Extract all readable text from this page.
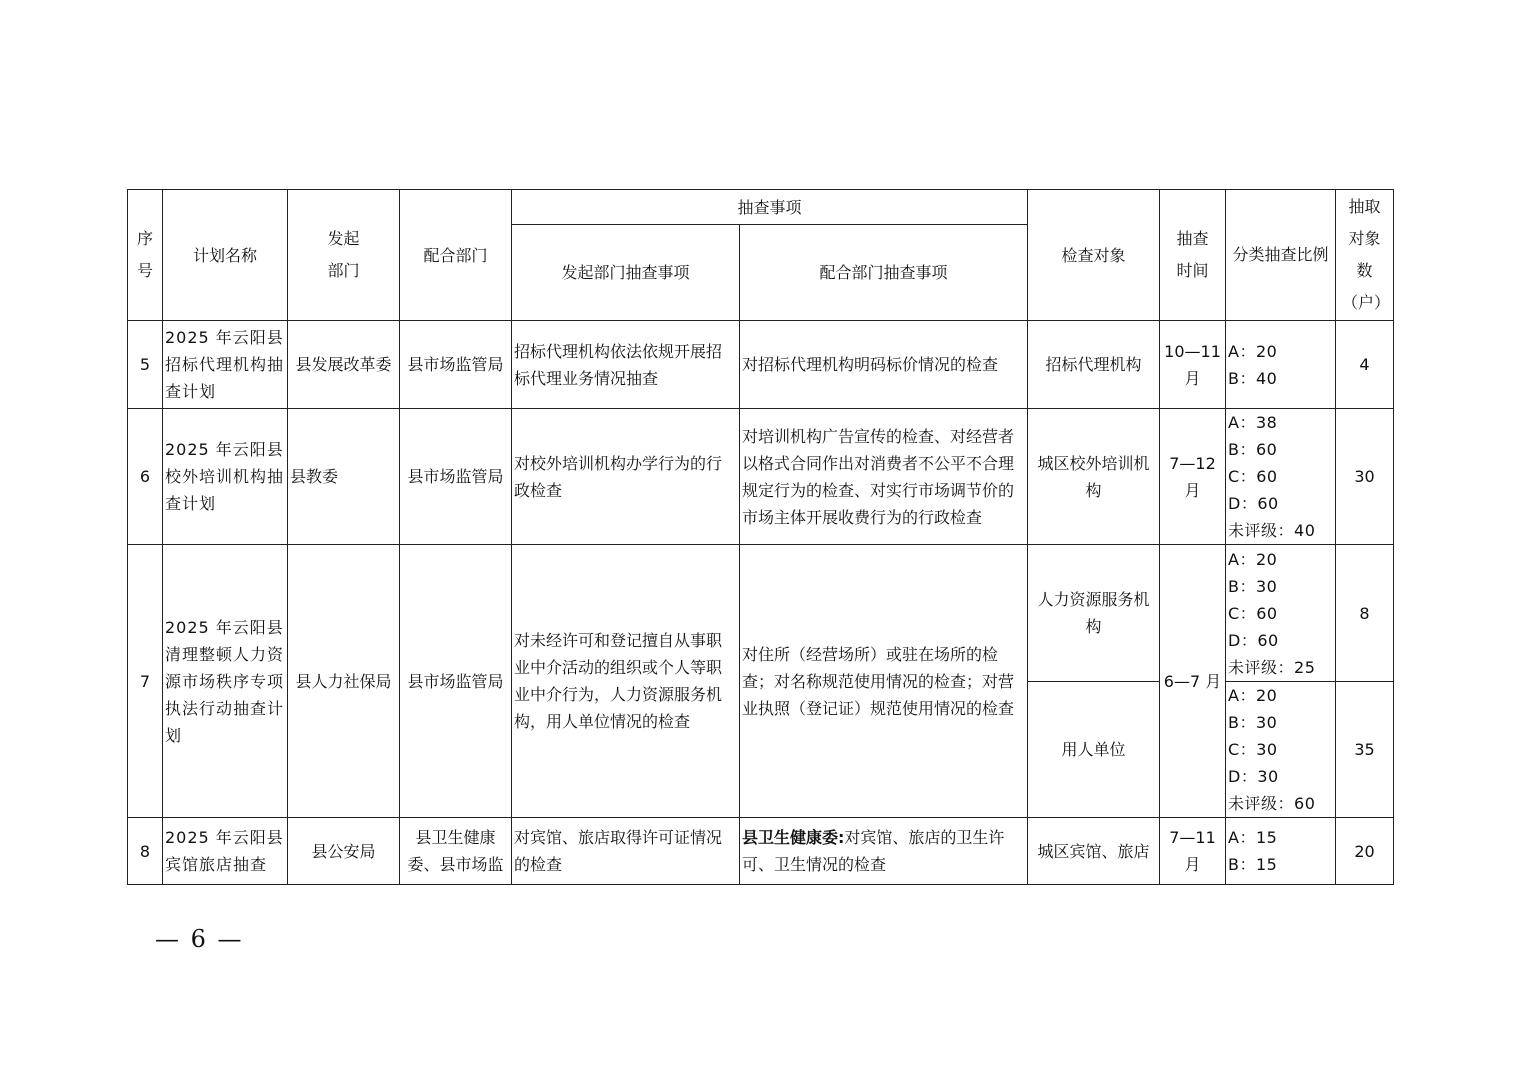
序号	计划名称	发起部门	配合部门	抽查事项		检查对象	抽查时间	分类抽查比例	抽取对象数（户）
				发起部门抽查事项	配合部门抽查事项				
5	2025 年云阳县招标代理机构抽查计划	县发展改革委	县市场监管局	招标代理机构依法依规开展招标代理业务情况抽查	对招标代理机构明码标价情况的检查	招标代理机构	10—11 月	A：20
B：40	4
6	2025 年云阳县校外培训机构抽查计划	县教委	县市场监管局	对校外培训机构办学行为的行政检查	对培训机构广告宣传的检查、对经营者以格式合同作出对消费者不公平不合理规定行为的检查、对实行市场调节价的市场主体开展收费行为的行政检查	城区校外培训机构	7—12 月	A：38
B：60
C：60
D：60
未评级：40	30
7	2025 年云阳县清理整顿人力资源市场秩序专项执法行动抽查计划	县人力社保局	县市场监管局	对未经许可和登记擅自从事职业中介活动的组织或个人等职业中介行为，人力资源服务机构，用人单位情况的检查	对住所（经营场所）或驻在场所的检查；对名称规范使用情况的检查；对营业执照（登记证）规范使用情况的检查	人力资源服务机构	6—7 月	A：20
B：30
C：60
D：60
未评级：25	8
						用人单位		A：20
B：30
C：30
D：30
未评级：60	35
8	2025 年云阳县宾馆旅店抽查	县公安局	县卫生健康委、县市场监	对宾馆、旅店取得许可证情况的检查	县卫生健康委:对宾馆、旅店的卫生许可、卫生情况的检查	城区宾馆、旅店	7—11 月	A：15
B：15	20
— 6 —
